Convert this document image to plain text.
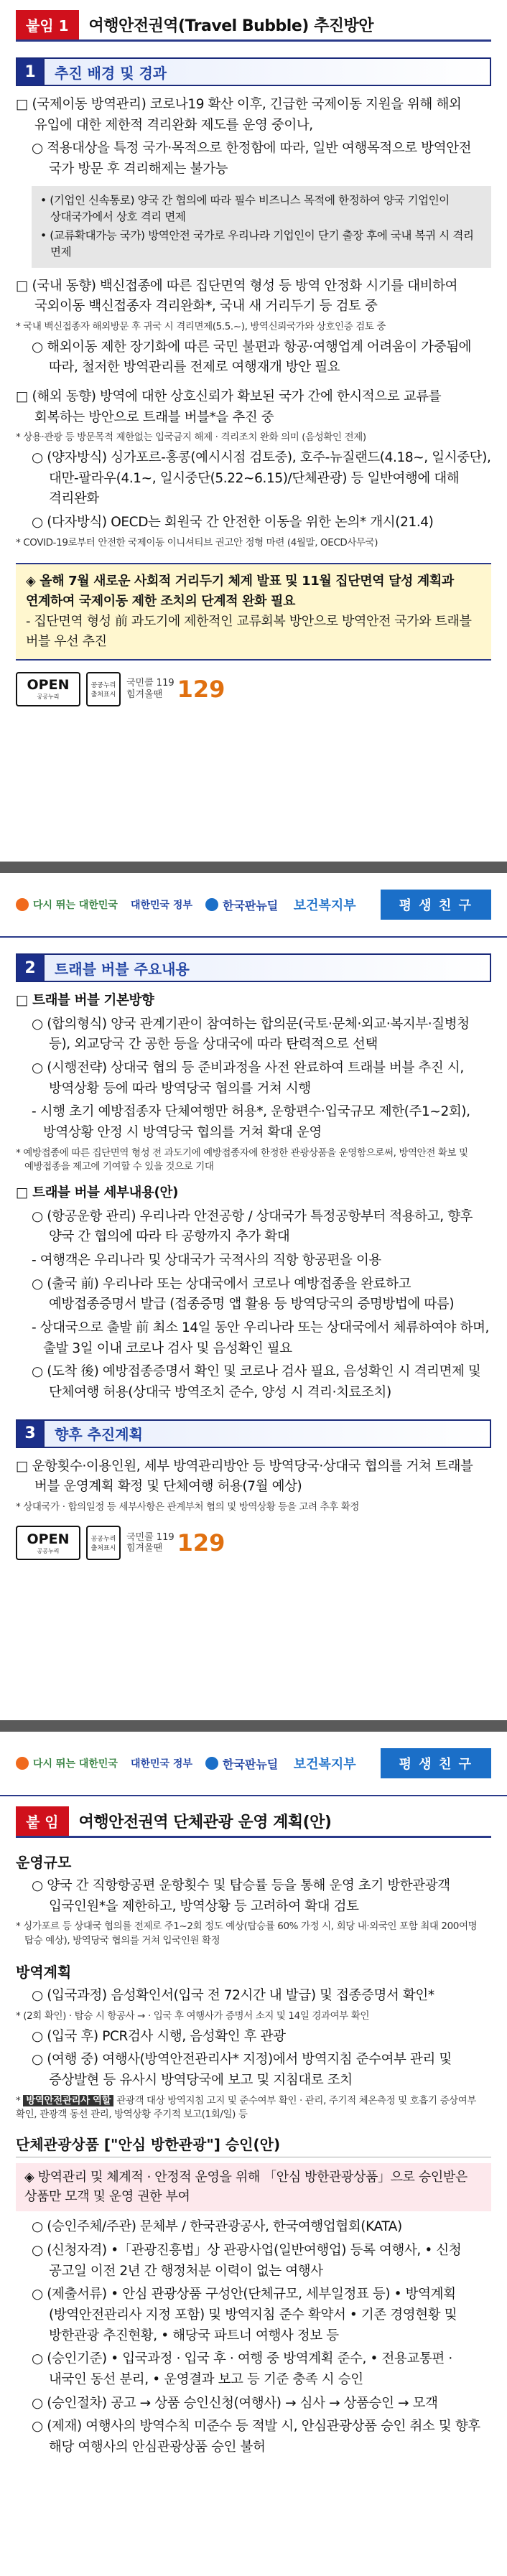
붙임 1	여행안전권역(Travel Bubble) 추진방안
1	추진 배경 및 경과

□ (국제이동 방역관리) 코로나19 확산 이후, 긴급한 국제이동 지원을 위해 해외 유입에 대한 제한적 격리완화 제도를 운영 중이나,

○ 적용대상을 특정 국가·목적으로 한정함에 따라, 일반 여행목적으로 방역안전 국가 방문 후 격리해제는 불가능

• (기업인 신속통로) 양국 간 협의에 따라 필수 비즈니스 목적에 한정하여 양국 기업인이 상대국가에서 상호 격리 면제

• (교류확대가능 국가) 방역안전 국가로 우리나라 기업인이 단기 출장 후에 국내 복귀 시 격리 면제

□ (국내 동향) 백신접종에 따른 집단면역 형성 등 방역 안정화 시기를 대비하여 국외이동 백신접종자 격리완화*, 국내 새 거리두기 등 검토 중

* 국내 백신접종자 해외방문 후 귀국 시 격리면제(5.5.~), 방역신뢰국가와 상호인증 검토 중

○ 해외이동 제한 장기화에 따른 국민 불편과 항공·여행업계 어려움이 가중됨에 따라, 철저한 방역관리를 전제로 여행재개 방안 필요

□ (해외 동향) 방역에 대한 상호신뢰가 확보된 국가 간에 한시적으로 교류를 회복하는 방안으로 트래블 버블*을 추진 중

* 상용·관광 등 방문목적 제한없는 입국금지 해제 · 격리조치 완화 의미 (음성확인 전제)

○ (양자방식) 싱가포르-홍콩(예시시점 검토중), 호주-뉴질랜드(4.18~, 일시중단), 대만-팔라우(4.1~, 일시중단(5.22~6.15)/단체관광) 등 일반여행에 대해 격리완화

○ (다자방식) OECD는 회원국 간 안전한 이동을 위한 논의* 개시(21.4)

* COVID-19로부터 안전한 국제이동 이니셔티브 권고안 정형 마련 (4월말, OECD사무국)

◈ 올해 7월 새로운 사회적 거리두기 체계 발표 및 11월 집단면역 달성 계획과 연계하여 국제이동 제한 조치의 단계적 완화 필요

- 집단면역 형성 前 과도기에 제한적인 교류회복 방안으로 방역안전 국가와 트래블 버블 우선 추진

OPEN
공공누리
공공누리 출처표시
국민콜 119
힘겨울땐 129
다시 뛰는 대한민국 대한민국 정부	한국판뉴딜 보건복지부	평 생 친 구
2	트래블 버블 주요내용

□ 트래블 버블 기본방향

○ (합의형식) 양국 관계기관이 참여하는 합의문(국토·문체·외교·복지부·질병청 등), 외교당국 간 공한 등을 상대국에 따라 탄력적으로 선택

○ (시행전략) 상대국 협의 등 준비과정을 사전 완료하여 트래블 버블 추진 시, 방역상황 등에 따라 방역당국 협의를 거쳐 시행

- 시행 초기 예방접종자 단체여행만 허용*, 운항편수·입국규모 제한(주1~2회), 방역상황 안정 시 방역당국 협의를 거쳐 확대 운영

* 예방접종에 따른 집단면역 형성 전 과도기에 예방접종자에 한정한 관광상품을 운영함으로써, 방역안전 확보 및 예방접종을 제고에 기여할 수 있을 것으로 기대

□ 트래블 버블 세부내용(안)

○ (항공운항 관리) 우리나라 안전공항 / 상대국가 특정공항부터 적용하고, 향후 양국 간 협의에 따라 타 공항까지 추가 확대

- 여행객은 우리나라 및 상대국가 국적사의 직항 항공편을 이용

○ (출국 前) 우리나라 또는 상대국에서 코로나 예방접종을 완료하고 예방접종증명서 발급 (접종증명 앱 활용 등 방역당국의 증명방법에 따름)

- 상대국으로 출발 前 최소 14일 동안 우리나라 또는 상대국에서 체류하여야 하며, 출발 3일 이내 코로나 검사 및 음성확인 필요

○ (도착 後) 예방접종증명서 확인 및 코로나 검사 필요, 음성확인 시 격리면제 및 단체여행 허용(상대국 방역조치 준수, 양성 시 격리·치료조치)

3	향후 추진계획

□ 운항횟수·이용인원, 세부 방역관리방안 등 방역당국·상대국 협의를 거쳐 트래블 버블 운영계획 확정 및 단체여행 허용(7월 예상)

* 상대국가 · 합의일정 등 세부사항은 관계부처 협의 및 방역상황 등을 고려 추후 확정

OPEN
공공누리
공공누리 출처표시
국민콜 119
힘겨울땐 129
다시 뛰는 대한민국 대한민국 정부	한국판뉴딜 보건복지부	평 생 친 구
붙 임	여행안전권역 단체관광 운영 계획(안)
운영규모

○ 양국 간 직항항공편 운항횟수 및 탑승률 등을 통해 운영 초기 방한관광객 입국인원*을 제한하고, 방역상황 등 고려하여 확대 검토

* 싱가포르 등 상대국 협의를 전제로 주1~2회 정도 예상(탑승률 60% 가정 시, 회당 내·외국인 포함 최대 200여명 탑승 예상), 방역당국 협의를 거쳐 입국인원 확정

방역계획

○ (입국과정) 음성확인서(입국 전 72시간 내 발급) 및 접종증명서 확인*

* (2회 확인) · 탑승 시 항공사 → · 입국 후 여행사가 증명서 소지 및 14일 경과여부 확인

○ (입국 후) PCR검사 시행, 음성확인 후 관광

○ (여행 중) 여행사(방역안전관리사* 지정)에서 방역지침 준수여부 관리 및 증상발현 등 유사시 방역당국에 보고 및 지침대로 조치

* 방역안전관리사 역할 관광객 대상 방역지침 고지 및 준수여부 확인 · 관리, 주기적 체온측정 및 호흡기 증상여부 확인, 관광객 동선 관리, 방역상황 주기적 보고(1회/일) 등

단체관광상품 ["안심 방한관광"] 승인(안)

◈ 방역관리 및 체계적 · 안정적 운영을 위해 「안심 방한관광상품」으로 승인받은 상품만 모객 및 운영 권한 부여

○ (승인주체/주관) 문체부 / 한국관광공사, 한국여행업협회(KATA)

○ (신청자격) •「관광진흥법」상 관광사업(일반여행업) 등록 여행사, • 신청 공고일 이전 2년 간 행정처분 이력이 없는 여행사

○ (제출서류) • 안심 관광상품 구성안(단체규모, 세부일정표 등) • 방역계획(방역안전관리사 지정 포함) 및 방역지침 준수 확약서 • 기존 경영현황 및 방한관광 추진현황, • 해당국 파트너 여행사 정보 등

○ (승인기준) • 입국과정 · 입국 후 · 여행 중 방역계획 준수, • 전용교통편 · 내국인 동선 분리, • 운영결과 보고 등 기준 충족 시 승인

○ (승인절차) 공고 → 상품 승인신청(여행사) → 심사 → 상품승인 → 모객

○ (제재) 여행사의 방역수칙 미준수 등 적발 시, 안심관광상품 승인 취소 및 향후 해당 여행사의 안심관광상품 승인 불허
